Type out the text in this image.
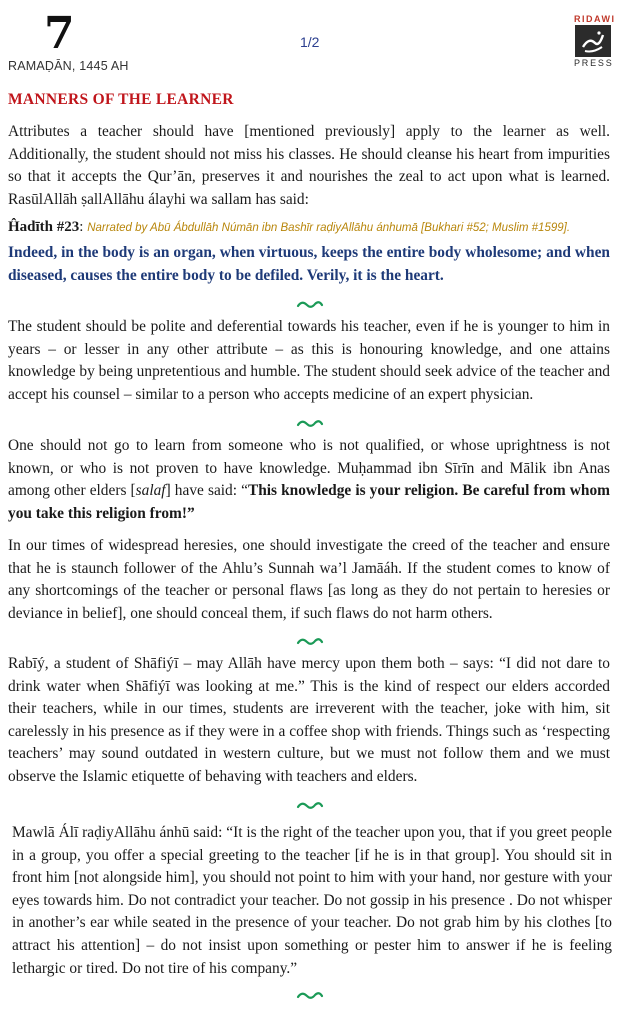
7
RAMAḌĀN, 1445 AH
1/2
RIDAWI
PRESS
MANNERS OF THE LEARNER
Attributes a teacher should have [mentioned previously] apply to the learner as well. Additionally, the student should not miss his classes. He should cleanse his heart from impurities so that it accepts the Qur’ān, preserves it and nourishes the zeal to act upon what is learned. RasūlAllāh ṣallAllāhu álayhi wa sallam has said:
Ĥadīth #23: Narrated by Abū Ábdullāh Númān ibn Bashīr raḍiyAllāhu ánhumā [Bukhari #52; Muslim #1599].
Indeed, in the body is an organ, when virtuous, keeps the entire body wholesome; and when diseased, causes the entire body to be defiled. Verily, it is the heart.
The student should be polite and deferential towards his teacher, even if he is younger to him in years – or lesser in any other attribute – as this is honouring knowledge, and one attains knowledge by being unpretentious and humble. The student should seek advice of the teacher and accept his counsel – similar to a person who accepts medicine of an expert physician.
One should not go to learn from someone who is not qualified, or whose uprightness is not known, or who is not proven to have knowledge. Muḥammad ibn Sīrīn and Mālik ibn Anas among other elders [salaf] have said: “This knowledge is your religion. Be careful from whom you take this religion from!”
In our times of widespread heresies, one should investigate the creed of the teacher and ensure that he is staunch follower of the Ahlu’s Sunnah wa’l Jamāáh. If the student comes to know of any shortcomings of the teacher or personal flaws [as long as they do not pertain to heresies or deviance in belief], one should conceal them, if such flaws do not harm others.
Rabīý, a student of Shāfiýī – may Allāh have mercy upon them both – says: “I did not dare to drink water when Shāfiýī was looking at me.” This is the kind of respect our elders accorded their teachers, while in our times, students are irreverent with the teacher, joke with him, sit carelessly in his presence as if they were in a coffee shop with friends. Things such as ‘respecting teachers’ may sound outdated in western culture, but we must not follow them and we must observe the Islamic etiquette of behaving with teachers and elders.
Mawlā Álī raḍiyAllāhu ánhū said: “It is the right of the teacher upon you, that if you greet people in a group, you offer a special greeting to the teacher [if he is in that group]. You should sit in front him [not alongside him], you should not point to him with your hand, nor gesture with your eyes towards him. Do not contradict your teacher. Do not gossip in his presence . Do not whisper in another’s ear while seated in the presence of your teacher. Do not grab him by his clothes [to attract his attention] – do not insist upon something or pester him to answer if he is feeling lethargic or tired. Do not tire of his company.”
